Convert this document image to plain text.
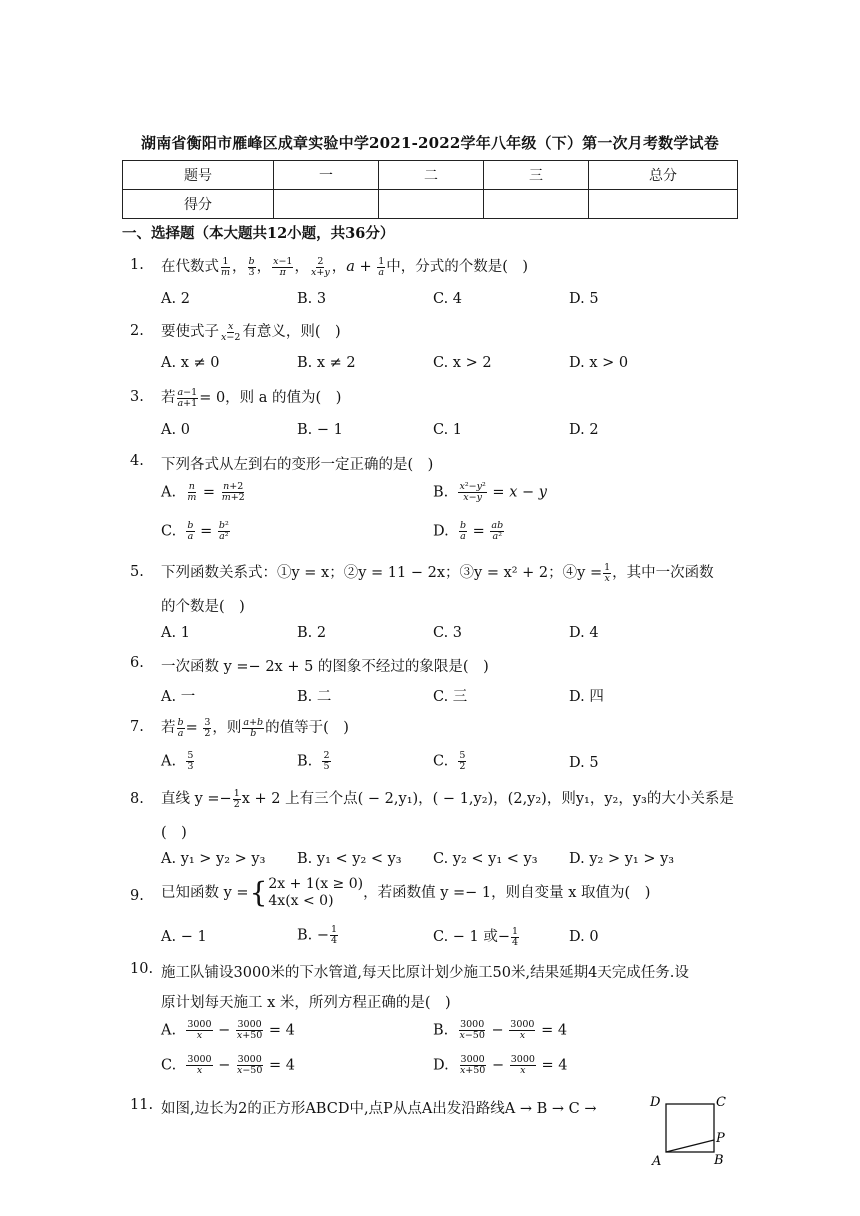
湖南省衡阳市雁峰区成章实验中学2021-2022学年八年级（下）第一次月考数学试卷
题号	一	二	三	总分
得分				
一、选择题（本大题共12小题，共36分）
1. 在代数式 $\frac{1}{m}$ ， $\frac{b}{3}$ ， $\frac{x-1}{\pi}$ ， $\frac{2}{x+y}$ ，$a + \frac{1}{a}$ 中，分式的个数是(　)
A. 2	B. 3	C. 4	D. 5
2. 要使式子 $\frac{x}{x-2}$ 有意义，则(　)
A. x ≠ 0	B. x ≠ 2	C. x > 2	D. x > 0
3. 若 $\frac{a-1}{a+1} = 0$，则 a 的值为(　)
A. 0	B. − 1	C. 1	D. 2
4. 下列各式从左到右的变形一定正确的是(　)
A. $\frac{n}{m} = \frac{n+2}{m+2}$	B. $\frac{\text{x²−y²}}{x-y} = x - y$
C. $\frac{b}{a} = \frac{\text{b²}}{\text{a²}}$	D. $\frac{b}{a} = \frac{ab}{\text{a²}}$
5. 下列函数关系式：①y = x；②y = 11 − 2x；③y = x² + 2；④y = $\frac{1}{x}$ ，其中一次函数
的个数是(　)
A. 1	B. 2	C. 3	D. 4
6. 一次函数 y =− 2x + 5 的图象不经过的象限是(　)
A. 一	B. 二	C. 三	D. 四
7. 若 $\frac{b}{a} = \frac{3}{2}$ ，则 $\frac{a+b}{b}$ 的值等于(　)
A. $\frac{5}{3}$	B. $\frac{2}{5}$	C. $\frac{5}{2}$	D. 5
8. 直线 $y =- \frac{1}{2}$ x + 2 上有三个点( − 2,y₁)，( − 1,y₂)，(2,y₂)，则y₁，y₂，y₃的大小关系是
(　)
A. y₁ > y₂ > y₃ B. y₁ < y₂ < y₃ C. y₂ < y₁ < y₃ D. y₂ > y₁ > y₃
9. 已知函数 y ={ 2x + 1(x ≥ 0)
4x(x < 0)	，若函数值 y =− 1，则自变量 x 取值为(　)
A. − 1	B. − $\frac{1}{4}$	C. − 1 或− $\frac{1}{4}$	D. 0
10. 施工队铺设3000米的下水管道,每天比原计划少施工50米,结果延期4天完成任务.设
原计划每天施工 x 米，所列方程正确的是(　)
A. $\frac{3000}{x} - \frac{3000}{x+50} = 4$	B. $\frac{3000}{x-50} - \frac{3000}{x} = 4$
C. $\frac{3000}{x} - \frac{3000}{x-50} = 4$	D. $\frac{3000}{x+50} - \frac{3000}{x} = 4$
11. 如图,边长为2的正方形ABCD中,点P从点A出发沿路线A → B → C →	D	C
P
A	B
